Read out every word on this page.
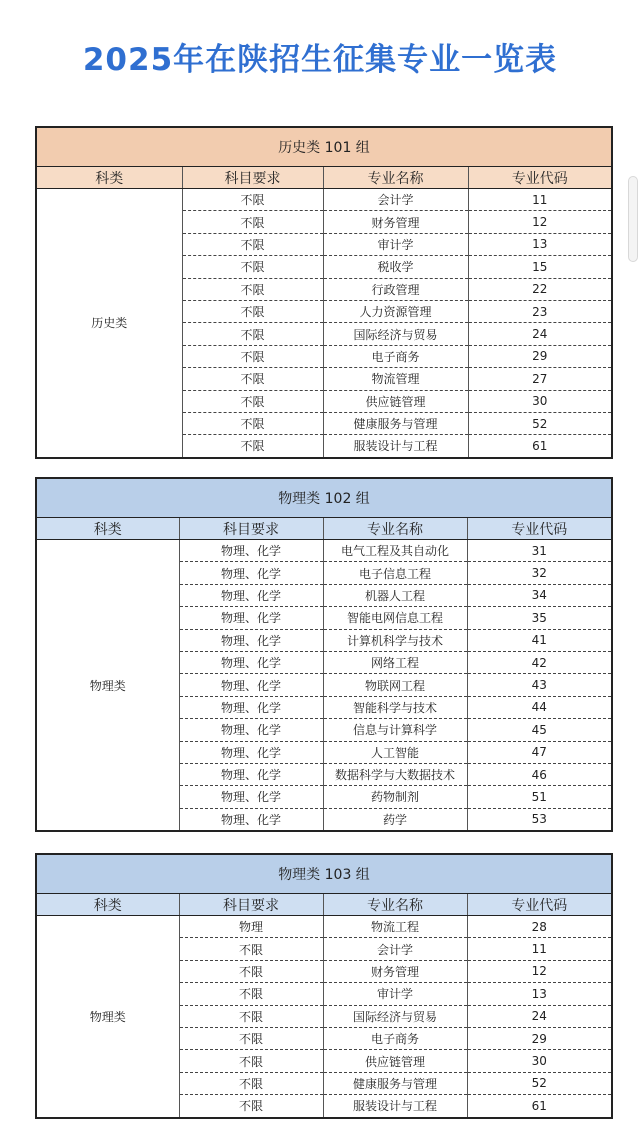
2025年在陕招生征集专业一览表
历史类 101 组			
科类	科目要求	专业名称	专业代码
历史类	不限	会计学	11
	不限	财务管理	12
	不限	审计学	13
	不限	税收学	15
	不限	行政管理	22
	不限	人力资源管理	23
	不限	国际经济与贸易	24
	不限	电子商务	29
	不限	物流管理	27
	不限	供应链管理	30
	不限	健康服务与管理	52
	不限	服装设计与工程	61
物理类 102 组			
科类	科目要求	专业名称	专业代码
物理类	物理、化学	电气工程及其自动化	31
	物理、化学	电子信息工程	32
	物理、化学	机器人工程	34
	物理、化学	智能电网信息工程	35
	物理、化学	计算机科学与技术	41
	物理、化学	网络工程	42
	物理、化学	物联网工程	43
	物理、化学	智能科学与技术	44
	物理、化学	信息与计算科学	45
	物理、化学	人工智能	47
	物理、化学	数据科学与大数据技术	46
	物理、化学	药物制剂	51
	物理、化学	药学	53
物理类 103 组			
科类	科目要求	专业名称	专业代码
物理类	物理	物流工程	28
	不限	会计学	11
	不限	财务管理	12
	不限	审计学	13
	不限	国际经济与贸易	24
	不限	电子商务	29
	不限	供应链管理	30
	不限	健康服务与管理	52
	不限	服装设计与工程	61
